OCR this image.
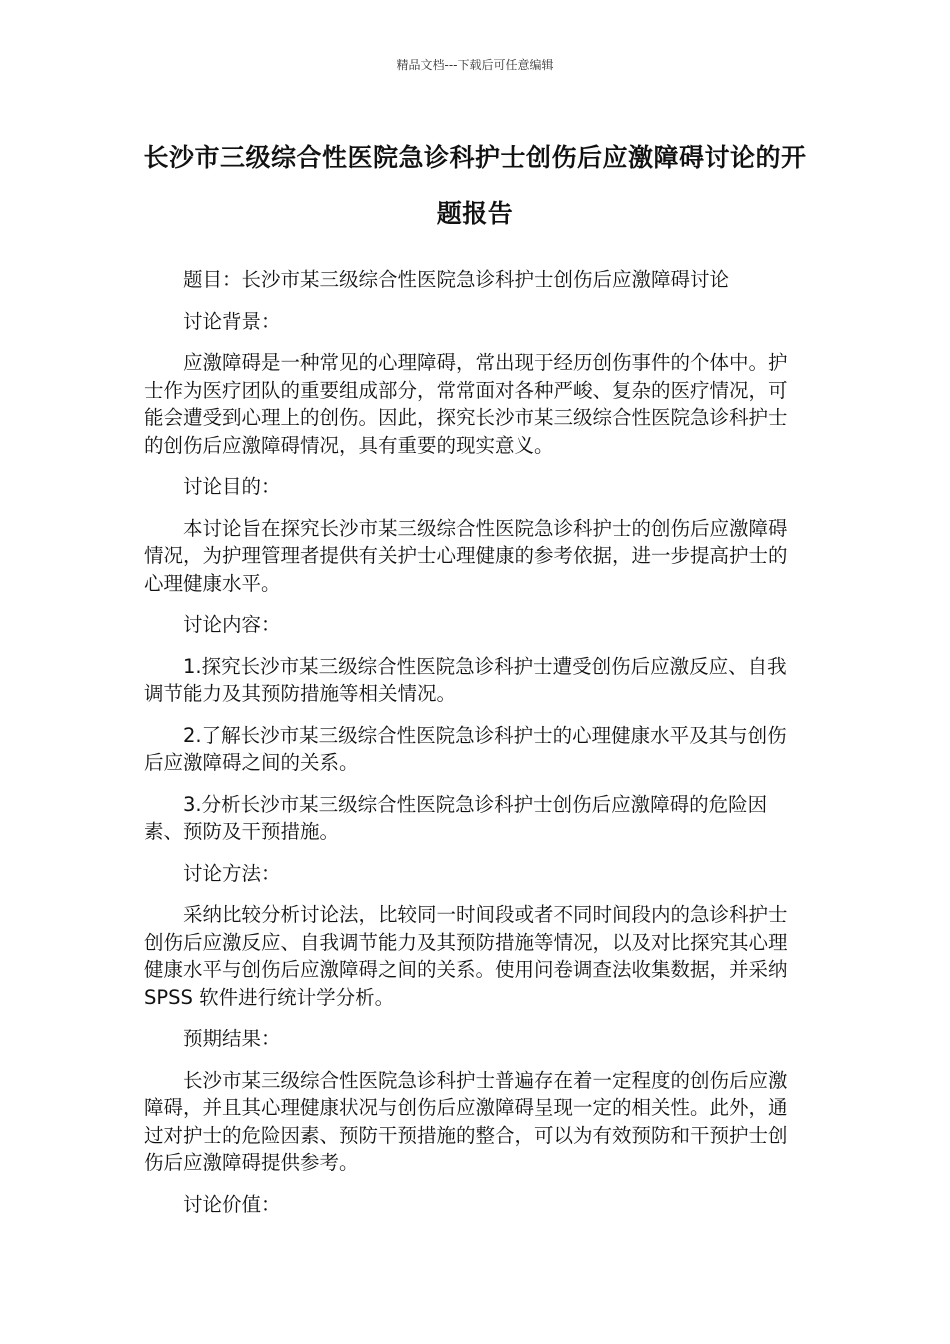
精品文档---下载后可任意编辑
长沙市三级综合性医院急诊科护士创伤后应激障碍讨论的开题报告

题目：长沙市某三级综合性医院急诊科护士创伤后应激障碍讨论

讨论背景：

应激障碍是一种常见的心理障碍，常出现于经历创伤事件的个体中。护士作为医疗团队的重要组成部分，常常面对各种严峻、复杂的医疗情况，可能会遭受到心理上的创伤。因此，探究长沙市某三级综合性医院急诊科护士的创伤后应激障碍情况，具有重要的现实意义。

讨论目的：

本讨论旨在探究长沙市某三级综合性医院急诊科护士的创伤后应激障碍情况，为护理管理者提供有关护士心理健康的参考依据，进一步提高护士的心理健康水平。

讨论内容：

1.探究长沙市某三级综合性医院急诊科护士遭受创伤后应激反应、自我调节能力及其预防措施等相关情况。

2.了解长沙市某三级综合性医院急诊科护士的心理健康水平及其与创伤后应激障碍之间的关系。

3.分析长沙市某三级综合性医院急诊科护士创伤后应激障碍的危险因素、预防及干预措施。

讨论方法：

采纳比较分析讨论法，比较同一时间段或者不同时间段内的急诊科护士创伤后应激反应、自我调节能力及其预防措施等情况，以及对比探究其心理健康水平与创伤后应激障碍之间的关系。使用问卷调查法收集数据，并采纳 SPSS 软件进行统计学分析。

预期结果：

长沙市某三级综合性医院急诊科护士普遍存在着一定程度的创伤后应激障碍，并且其心理健康状况与创伤后应激障碍呈现一定的相关性。此外，通过对护士的危险因素、预防干预措施的整合，可以为有效预防和干预护士创伤后应激障碍提供参考。

讨论价值：
